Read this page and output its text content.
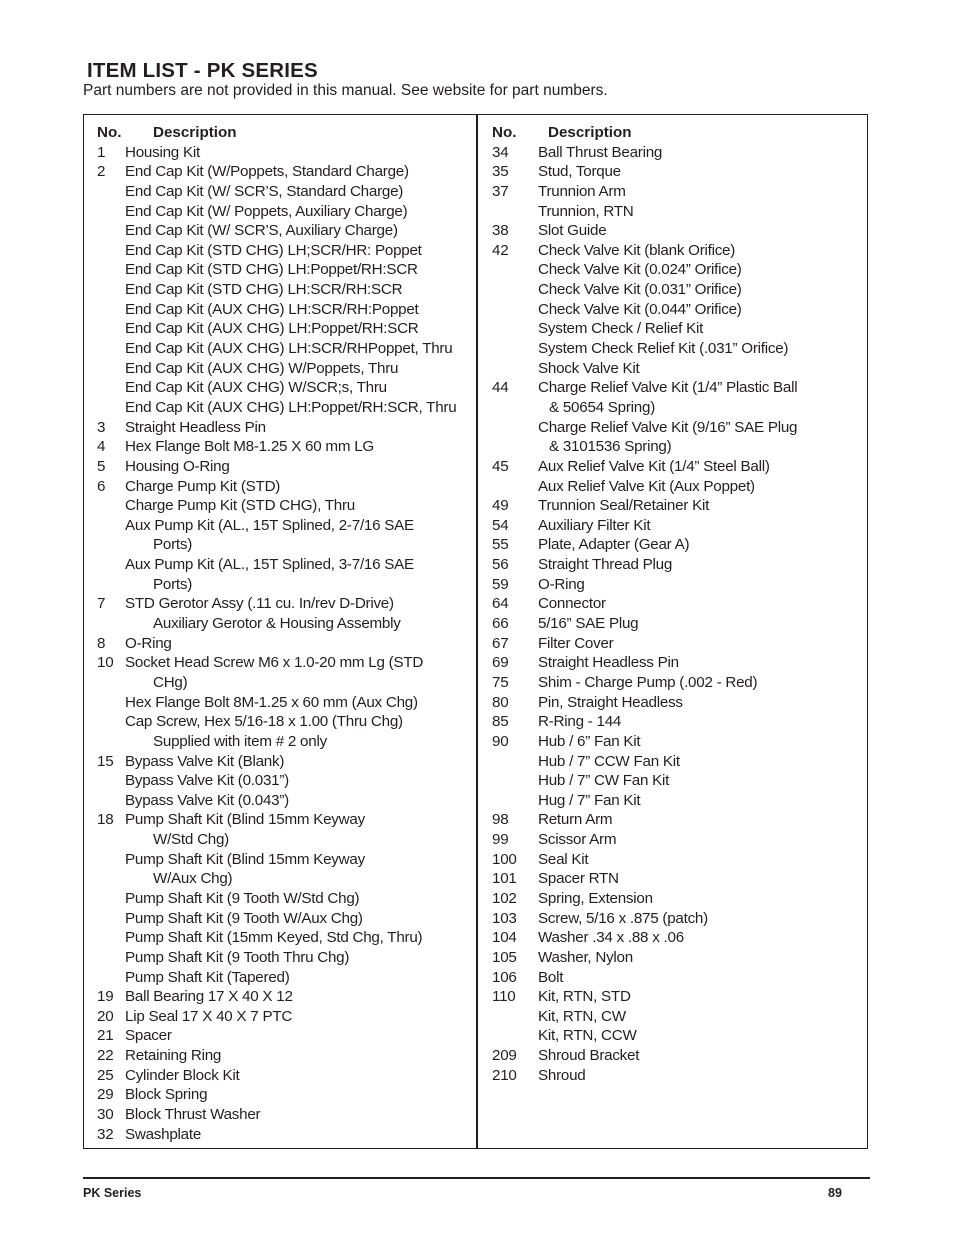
ITEM LIST - PK SERIES
Part numbers are not provided in this manual. See website for part numbers.
No. Description
1 Housing Kit
2 End Cap Kit (W/Poppets, Standard Charge)
End Cap Kit (W/ SCR’S, Standard Charge)
End Cap Kit (W/ Poppets, Auxiliary Charge)
End Cap Kit (W/ SCR’S, Auxiliary Charge)
End Cap Kit (STD CHG) LH;SCR/HR: Poppet
End Cap Kit (STD CHG) LH:Poppet/RH:SCR
End Cap Kit (STD CHG) LH:SCR/RH:SCR
End Cap Kit (AUX CHG) LH:SCR/RH:Poppet
End Cap Kit (AUX CHG) LH:Poppet/RH:SCR
End Cap Kit (AUX CHG) LH:SCR/RHPoppet, Thru
End Cap Kit (AUX CHG) W/Poppets, Thru
End Cap Kit (AUX CHG) W/SCR;s, Thru
End Cap Kit (AUX CHG) LH:Poppet/RH:SCR, Thru
3 Straight Headless Pin
4 Hex Flange Bolt M8-1.25 X 60 mm LG
5 Housing O-Ring
6 Charge Pump Kit (STD)
Charge Pump Kit (STD CHG), Thru
Aux Pump Kit (AL., 15T Splined, 2-7/16 SAE
Ports)
Aux Pump Kit (AL., 15T Splined, 3-7/16 SAE
Ports)
7 STD Gerotor Assy (.11 cu. In/rev D-Drive)
Auxiliary Gerotor & Housing Assembly
8 O-Ring
10 Socket Head Screw M6 x 1.0-20 mm Lg (STD
CHg)
Hex Flange Bolt 8M-1.25 x 60 mm (Aux Chg)
Cap Screw, Hex 5/16-18 x 1.00 (Thru Chg)
Supplied with item # 2 only
15 Bypass Valve Kit (Blank)
Bypass Valve Kit (0.031”)
Bypass Valve Kit (0.043”)
18 Pump Shaft Kit (Blind 15mm Keyway
W/Std Chg)
Pump Shaft Kit (Blind 15mm Keyway
W/Aux Chg)
Pump Shaft Kit (9 Tooth W/Std Chg)
Pump Shaft Kit (9 Tooth W/Aux Chg)
Pump Shaft Kit (15mm Keyed, Std Chg, Thru)
Pump Shaft Kit (9 Tooth Thru Chg)
Pump Shaft Kit (Tapered)
19 Ball Bearing 17 X 40 X 12
20 Lip Seal 17 X 40 X 7 PTC
21 Spacer
22 Retaining Ring
25 Cylinder Block Kit
29 Block Spring
30 Block Thrust Washer
32 Swashplate
No. Description
34 Ball Thrust Bearing
35 Stud, Torque
37 Trunnion Arm
Trunnion, RTN
38 Slot Guide
42 Check Valve Kit (blank Orifice)
Check Valve Kit (0.024” Orifice)
Check Valve Kit (0.031” Orifice)
Check Valve Kit (0.044” Orifice)
System Check / Relief Kit
System Check Relief Kit (.031” Orifice)
Shock Valve Kit
44 Charge Relief Valve Kit (1/4” Plastic Ball
& 50654 Spring)
Charge Relief Valve Kit (9/16” SAE Plug
& 3101536 Spring)
45 Aux Relief Valve Kit (1/4” Steel Ball)
Aux Relief Valve Kit (Aux Poppet)
49 Trunnion Seal/Retainer Kit
54 Auxiliary Filter Kit
55 Plate, Adapter (Gear A)
56 Straight Thread Plug
59 O-Ring
64 Connector
66 5/16” SAE Plug
67 Filter Cover
69 Straight Headless Pin
75 Shim - Charge Pump (.002 - Red)
80 Pin, Straight Headless
85 R-Ring - 144
90 Hub / 6” Fan Kit
Hub / 7” CCW Fan Kit
Hub / 7” CW Fan Kit
Hug / 7” Fan Kit
98 Return Arm
99 Scissor Arm
100 Seal Kit
101 Spacer RTN
102 Spring, Extension
103 Screw, 5/16 x .875 (patch)
104 Washer .34 x .88 x .06
105 Washer, Nylon
106 Bolt
110 Kit, RTN, STD
Kit, RTN, CW
Kit, RTN, CCW
209 Shroud Bracket
210 Shroud
PK Series	89
